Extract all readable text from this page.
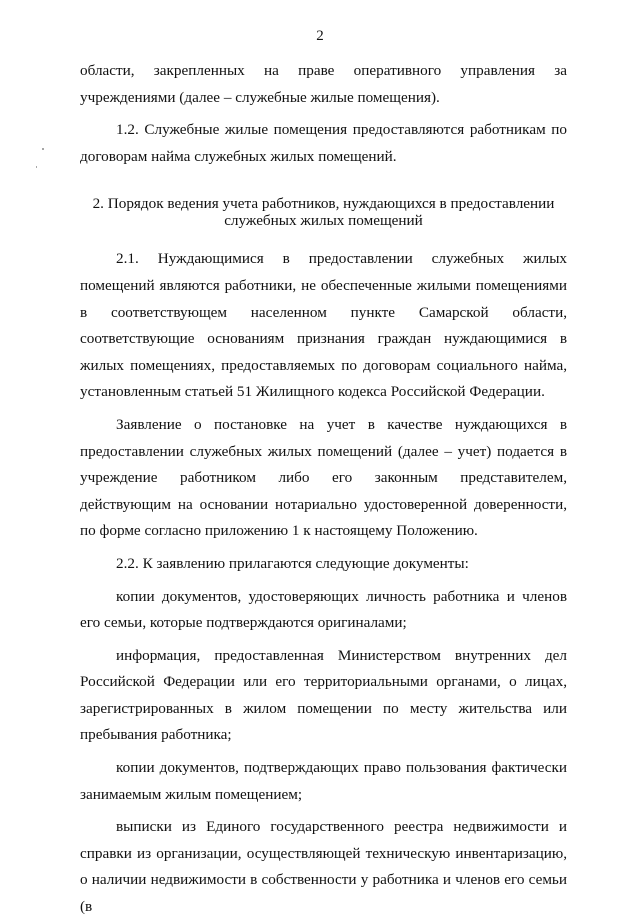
2

области, закрепленных на праве оперативного управления за учреждениями (далее – служебные жилые помещения).

1.2. Служебные жилые помещения предоставляются работникам по договорам найма служебных жилых помещений.

2. Порядок ведения учета работников, нуждающихся в предоставлении
служебных жилых помещений

2.1. Нуждающимися в предоставлении служебных жилых помещений являются работники, не обеспеченные жилыми помещениями в соответствующем населенном пункте Самарской области, соответствующие основаниям признания граждан нуждающимися в жилых помещениях, предоставляемых по договорам социального найма, установленным статьей 51 Жилищного кодекса Российской Федерации.

Заявление о постановке на учет в качестве нуждающихся в предоставлении служебных жилых помещений (далее – учет) подается в учреждение работником либо его законным представителем, действующим на основании нотариально удостоверенной доверенности, по форме согласно приложению 1 к настоящему Положению.

2.2. К заявлению прилагаются следующие документы:

копии документов, удостоверяющих личность работника и членов его семьи, которые подтверждаются оригиналами;

информация, предоставленная Министерством внутренних дел Российской Федерации или его территориальными органами, о лицах, зарегистрированных в жилом помещении по месту жительства или пребывания работника;

копии документов, подтверждающих право пользования фактически занимаемым жилым помещением;

выписки из Единого государственного реестра недвижимости и справки из организации, осуществляющей техническую инвентаризацию, о наличии недвижимости в собственности у работника и членов его семьи (в
